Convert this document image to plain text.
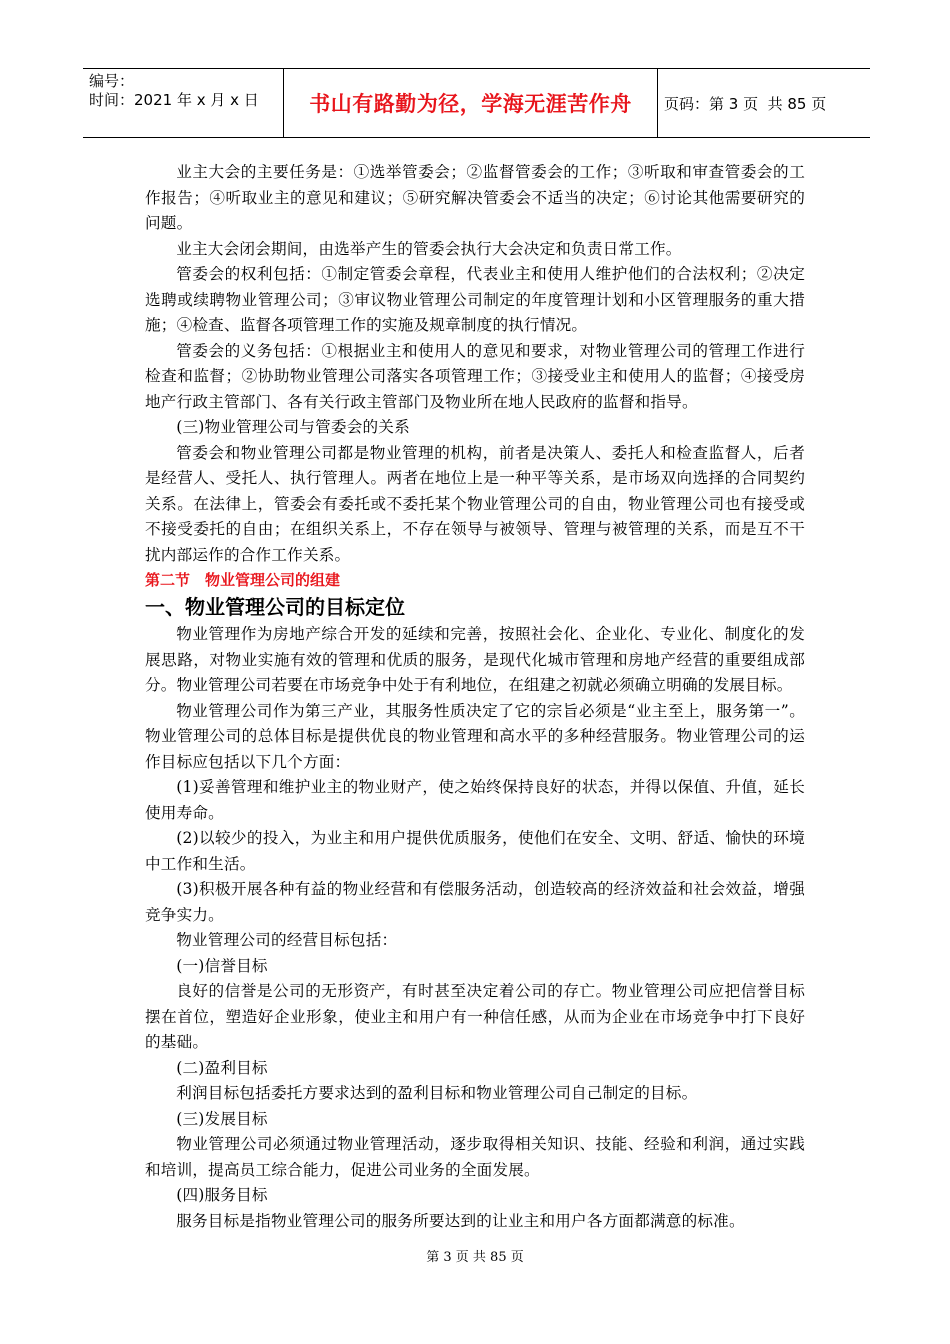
编号：
时间：2021 年 x 月 x 日	书山有路勤为径，学海无涯苦作舟	页码：第 3 页  共 85 页

业主大会的主要任务是：①选举管委会；②监督管委会的工作；③听取和审查管委会的工作报告；④听取业主的意见和建议；⑤研究解决管委会不适当的决定；⑥讨论其他需要研究的问题。

业主大会闭会期间，由选举产生的管委会执行大会决定和负责日常工作。

管委会的权利包括：①制定管委会章程，代表业主和使用人维护他们的合法权利；②决定选聘或续聘物业管理公司；③审议物业管理公司制定的年度管理计划和小区管理服务的重大措施；④检查、监督各项管理工作的实施及规章制度的执行情况。

管委会的义务包括：①根据业主和使用人的意见和要求，对物业管理公司的管理工作进行检查和监督；②协助物业管理公司落实各项管理工作；③接受业主和使用人的监督；④接受房地产行政主管部门、各有关行政主管部门及物业所在地人民政府的监督和指导。

(三)物业管理公司与管委会的关系

管委会和物业管理公司都是物业管理的机构，前者是决策人、委托人和检查监督人，后者是经营人、受托人、执行管理人。两者在地位上是一种平等关系，是市场双向选择的合同契约关系。在法律上，管委会有委托或不委托某个物业管理公司的自由，物业管理公司也有接受或不接受委托的自由；在组织关系上，不存在领导与被领导、管理与被管理的关系，而是互不干扰内部运作的合作工作关系。

第二节　物业管理公司的组建

一、物业管理公司的目标定位

物业管理作为房地产综合开发的延续和完善，按照社会化、企业化、专业化、制度化的发展思路，对物业实施有效的管理和优质的服务，是现代化城市管理和房地产经营的重要组成部分。物业管理公司若要在市场竞争中处于有利地位，在组建之初就必须确立明确的发展目标。

物业管理公司作为第三产业，其服务性质决定了它的宗旨必须是“业主至上，服务第一”。物业管理公司的总体目标是提供优良的物业管理和高水平的多种经营服务。物业管理公司的运作目标应包括以下几个方面：

(1)妥善管理和维护业主的物业财产，使之始终保持良好的状态，并得以保值、升值，延长使用寿命。

(2)以较少的投入，为业主和用户提供优质服务，使他们在安全、文明、舒适、愉快的环境中工作和生活。

(3)积极开展各种有益的物业经营和有偿服务活动，创造较高的经济效益和社会效益，增强竞争实力。

物业管理公司的经营目标包括：

(一)信誉目标

良好的信誉是公司的无形资产，有时甚至决定着公司的存亡。物业管理公司应把信誉目标摆在首位，塑造好企业形象，使业主和用户有一种信任感，从而为企业在市场竞争中打下良好的基础。

(二)盈利目标

利润目标包括委托方要求达到的盈利目标和物业管理公司自己制定的目标。

(三)发展目标

物业管理公司必须通过物业管理活动，逐步取得相关知识、技能、经验和利润，通过实践和培训，提高员工综合能力，促进公司业务的全面发展。

(四)服务目标

服务目标是指物业管理公司的服务所要达到的让业主和用户各方面都满意的标准。

第 3 页 共 85 页
